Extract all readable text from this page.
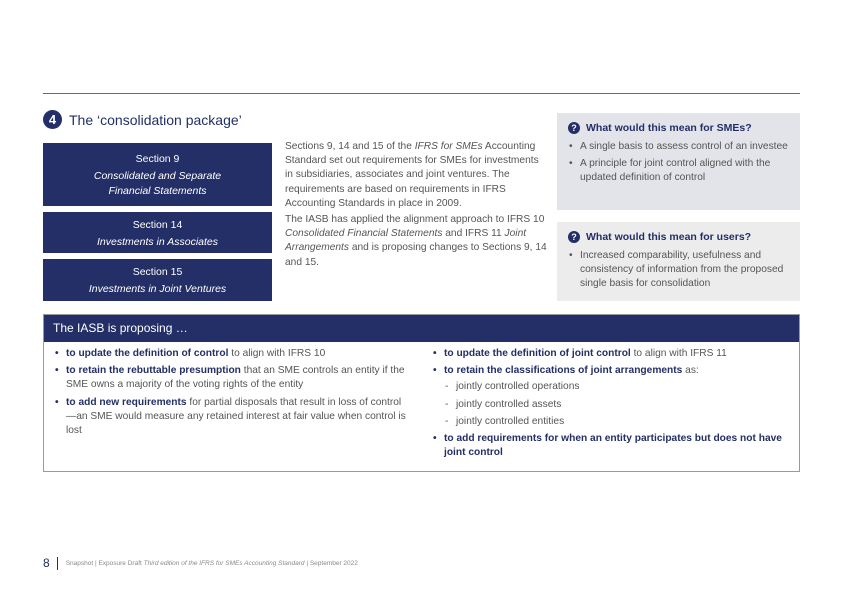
4 The ‘consolidation package’
Section 9
Consolidated and Separate
Financial Statements
Section 14
Investments in Associates
Section 15
Investments in Joint Ventures
Sections 9, 14 and 15 of the IFRS for SMEs Accounting Standard set out requirements for SMEs for investments in subsidiaries, associates and joint ventures. The requirements are based on requirements in IFRS Accounting Standards in place in 2009.
The IASB has applied the alignment approach to IFRS 10 Consolidated Financial Statements and IFRS 11 Joint Arrangements and is proposing changes to Sections 9, 14 and 15.
? What would this mean for SMEs?
• A single basis to assess control of an investee
• A principle for joint control aligned with the updated definition of control
? What would this mean for users?
• Increased comparability, usefulness and consistency of information from the proposed single basis for consolidation
The IASB is proposing …
• to update the definition of control to align with IFRS 10
• to retain the rebuttable presumption that an SME controls an entity if the SME owns a majority of the voting rights of the entity
• to add new requirements for partial disposals that result in loss of control—an SME would measure any retained interest at fair value when control is lost
• to update the definition of joint control to align with IFRS 11
• to retain the classifications of joint arrangements as:
- jointly controlled operations
- jointly controlled assets
- jointly controlled entities
• to add requirements for when an entity participates but does not have joint control
8 Snapshot | Exposure Draft Third edition of the IFRS for SMEs Accounting Standard | September 2022
